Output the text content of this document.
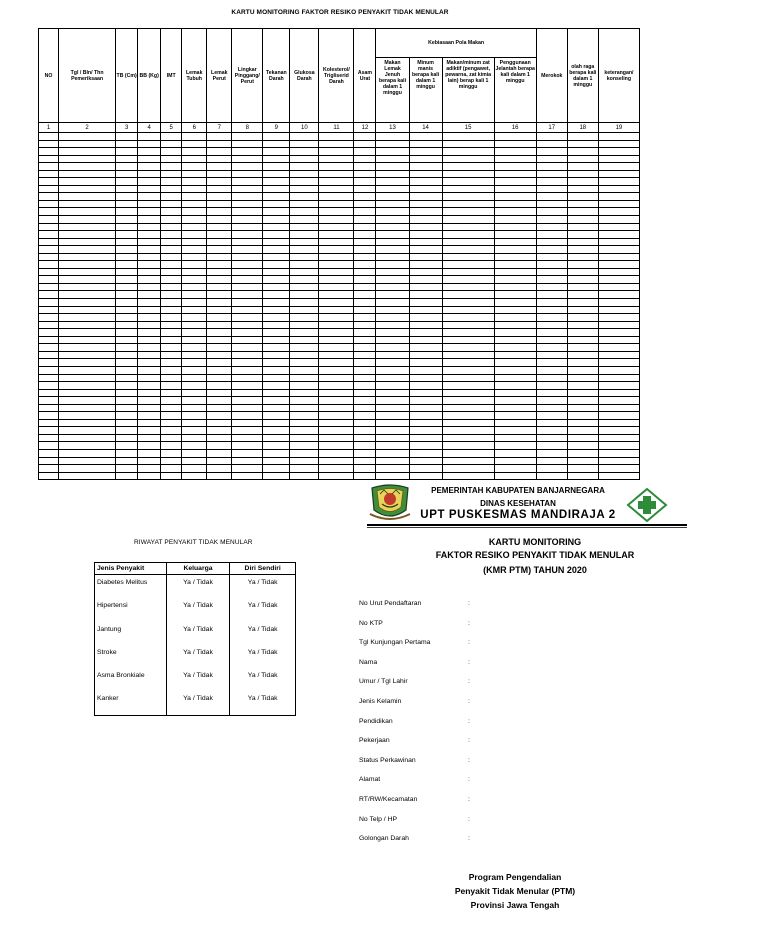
KARTU MONITORING FAKTOR RESIKO PENYAKIT TIDAK MENULAR
NO	Tgl / Bln/ Thn Pemeriksaan	TB (Cm)	BB (Kg)	IMT	Lemak Tubuh	Lemak Perut	Lingkar Pinggang/ Perut	Tekanan Darah	Glukosa Darah	Kolesterol/ Trigliserid Darah	Asam Urat	Kebiasaan Pola Makan				Merokok	olah raga berapa kali dalam 1 minggu	keterangan/ konseling
												Makan Lemak Jenuh berapa kali dalam 1 minggu	Minum manis berapa kali dalam 1 minggu	Makan/minum zat adiktif (pengawet, pewarna, zat kimia lain) berap kali 1 minggu	Penggunaan Jelantah berapa kali dalam 1 minggu			
1	2	3	4	5	6	7	8	9	10	11	12	13	14	15	16	17	18	19

RIWAYAT PENYAKIT TIDAK MENULAR
Jenis Penyakit	Keluarga	Diri Sendiri
Diabetes Melitus	Ya / Tidak	Ya / Tidak
Hipertensi	Ya / Tidak	Ya / Tidak
Jantung	Ya / Tidak	Ya / Tidak
Stroke	Ya / Tidak	Ya / Tidak
Asma Bronkiale	Ya / Tidak	Ya / Tidak
Kanker	Ya / Tidak	Ya / Tidak
PEMERINTAH KABUPATEN BANJARNEGARA
DINAS KESEHATAN
UPT PUSKESMAS MANDIRAJA 2
KARTU MONITORING
FAKTOR RESIKO PENYAKIT TIDAK MENULAR
(KMR PTM) TAHUN 2020
No Urut Pendaftaran	:
No KTP	:
Tgl Kunjungan Pertama	:
Nama	:
Umur / Tgl Lahir	:
Jenis Kelamin	:
Pendidikan	:
Pekerjaan	:
Status Perkawinan	:
Alamat	:
RT/RW/Kecamatan	:
No Telp / HP	:
Golongan Darah	:
Program Pengendalian
Penyakit Tidak Menular (PTM)
Provinsi Jawa Tengah
